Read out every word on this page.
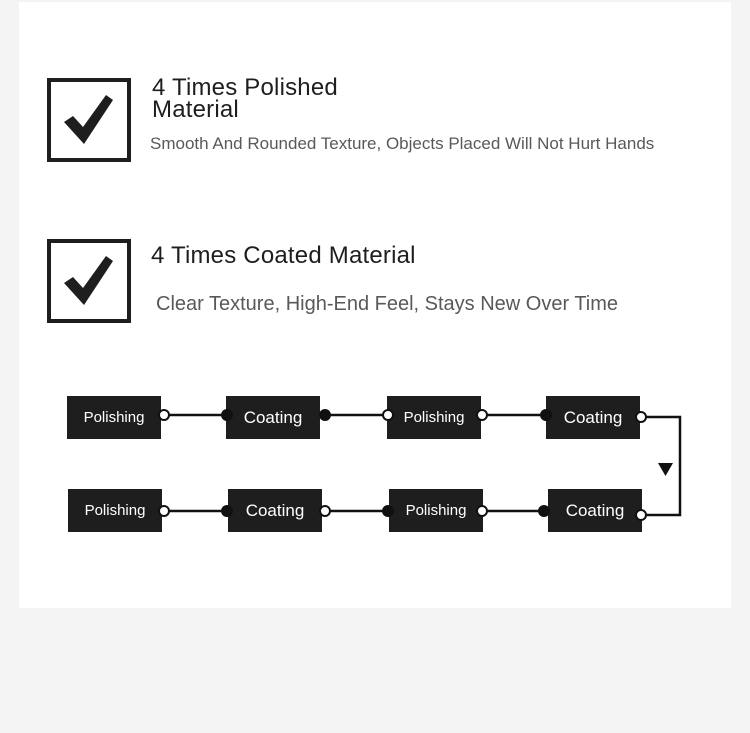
4 Times Polished
Material
Smooth And Rounded Texture, Objects Placed Will Not Hurt Hands
4 Times Coated Material
Clear Texture, High-End Feel, Stays New Over Time
Polishing	Coating	Polishing	Coating
Polishing	Coating	Polishing	Coating
